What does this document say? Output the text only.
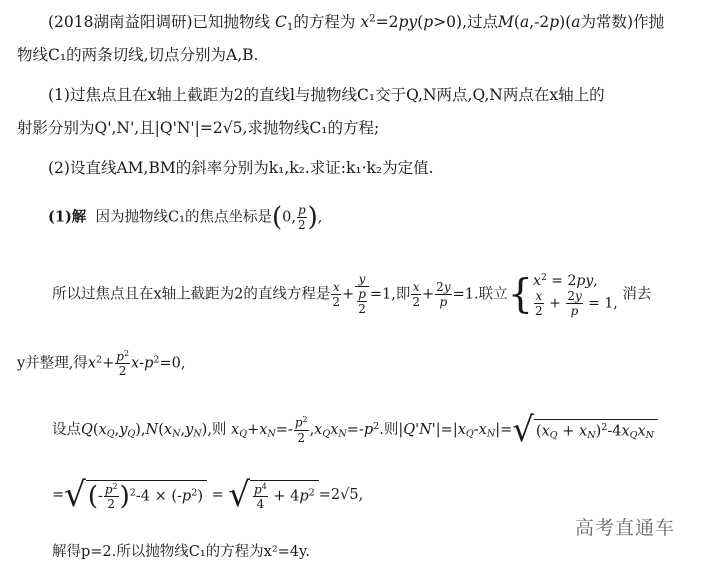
(2018湖南益阳调研)已知抛物线 $C_1$的方程为 $x^2=2py(p>0)$,过点M(a,-2p)(a为常数)作抛
物线C₁的两条切线,切点分别为A,B.
(1)过焦点且在x轴上截距为2的直线l与抛物线C₁交于Q,N两点,Q,N两点在x轴上的
射影分别为Q',N',且|Q'N'|=2√5,求抛物线C₁的方程;
(2)设直线AM,BM的斜率分别为k₁,k₂.求证:k₁·k₂为定值.
(1)解 因为抛物线C₁的焦点坐标是(0, $\frac{p}{2}$ ),
所以过焦点且在x轴上截距为2的直线方程是 $\frac{x}{2} + \frac{y}{\frac{p}{2}} =1$,即 $\frac{x}{2} + \frac{2y}{p} =1$.联立{$x^2 = 2py$,

$\frac{x}{2} + \frac{2y}{p} = 1$, 消去
y并整理,得$x^2+ \frac{p^2}{2} x-p^2=0$,
设点$Q(x_Q,y_Q),N(x_N,y_N)$,则 $x_Q+x_N=- \frac{p^2}{2} ,x_Qx_N=-p^2$.则$|Q'N'|=|x_Q-x_N|=√$ $(x_Q + x_N)^2-4x_Qx_N$
=√(- $\frac{p^2}{2} )^2-4 \times (-p^2)$ = √ $\frac{p^4}{4} + 4p^2 =2√5$,
解得p=2.所以抛物线C₁的方程为x²=4y.
高考直通车
